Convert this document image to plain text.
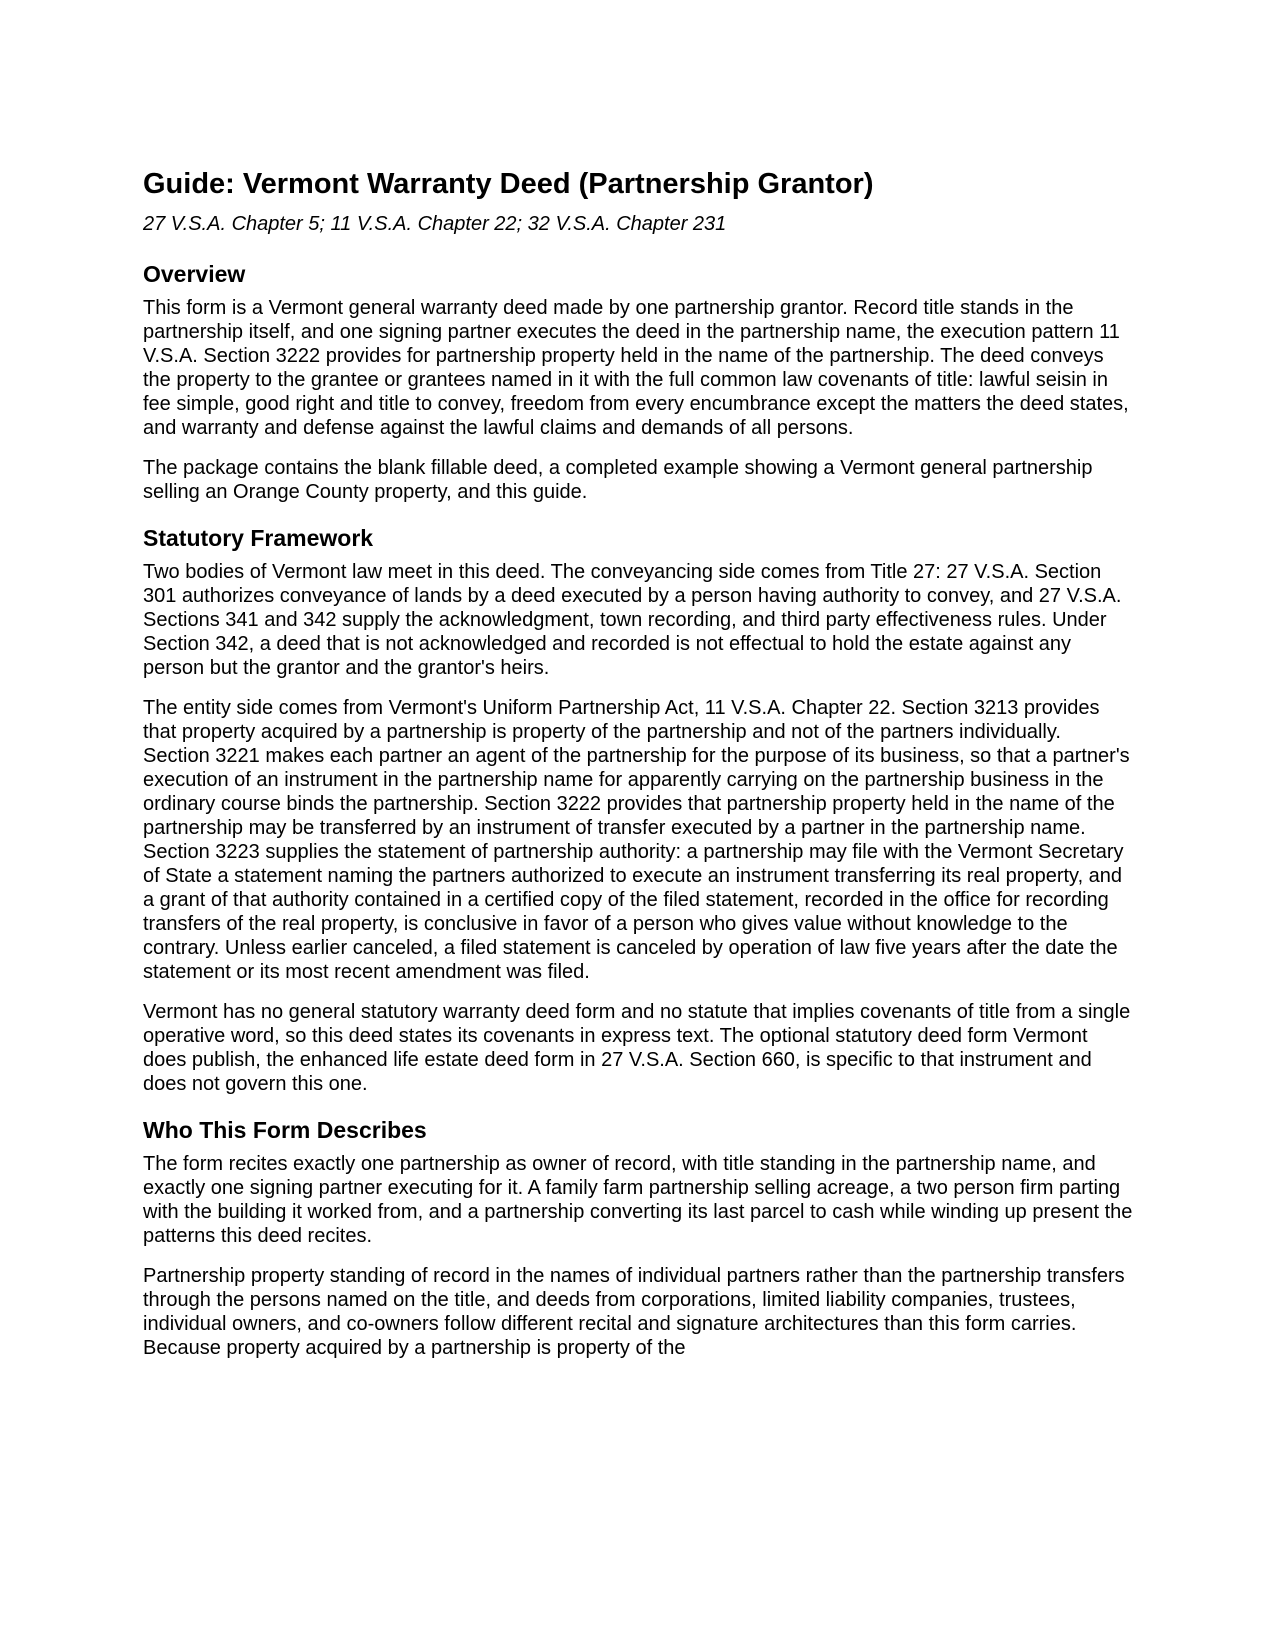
Guide: Vermont Warranty Deed (Partnership Grantor)

27 V.S.A. Chapter 5; 11 V.S.A. Chapter 22; 32 V.S.A. Chapter 231

Overview

This form is a Vermont general warranty deed made by one partnership grantor. Record title stands in the partnership itself, and one signing partner executes the deed in the partnership name, the execution pattern 11 V.S.A. Section 3222 provides for partnership property held in the name of the partnership. The deed conveys the property to the grantee or grantees named in it with the full common law covenants of title: lawful seisin in fee simple, good right and title to convey, freedom from every encumbrance except the matters the deed states, and warranty and defense against the lawful claims and demands of all persons.

The package contains the blank fillable deed, a completed example showing a Vermont general partnership selling an Orange County property, and this guide.

Statutory Framework

Two bodies of Vermont law meet in this deed. The conveyancing side comes from Title 27: 27 V.S.A. Section 301 authorizes conveyance of lands by a deed executed by a person having authority to convey, and 27 V.S.A. Sections 341 and 342 supply the acknowledgment, town recording, and third party effectiveness rules. Under Section 342, a deed that is not acknowledged and recorded is not effectual to hold the estate against any person but the grantor and the grantor's heirs.

The entity side comes from Vermont's Uniform Partnership Act, 11 V.S.A. Chapter 22. Section 3213 provides that property acquired by a partnership is property of the partnership and not of the partners individually. Section 3221 makes each partner an agent of the partnership for the purpose of its business, so that a partner's execution of an instrument in the partnership name for apparently carrying on the partnership business in the ordinary course binds the partnership. Section 3222 provides that partnership property held in the name of the partnership may be transferred by an instrument of transfer executed by a partner in the partnership name. Section 3223 supplies the statement of partnership authority: a partnership may file with the Vermont Secretary of State a statement naming the partners authorized to execute an instrument transferring its real property, and a grant of that authority contained in a certified copy of the filed statement, recorded in the office for recording transfers of the real property, is conclusive in favor of a person who gives value without knowledge to the contrary. Unless earlier canceled, a filed statement is canceled by operation of law five years after the date the statement or its most recent amendment was filed.

Vermont has no general statutory warranty deed form and no statute that implies covenants of title from a single operative word, so this deed states its covenants in express text. The optional statutory deed form Vermont does publish, the enhanced life estate deed form in 27 V.S.A. Section 660, is specific to that instrument and does not govern this one.

Who This Form Describes

The form recites exactly one partnership as owner of record, with title standing in the partnership name, and exactly one signing partner executing for it. A family farm partnership selling acreage, a two person firm parting with the building it worked from, and a partnership converting its last parcel to cash while winding up present the patterns this deed recites.

Partnership property standing of record in the names of individual partners rather than the partnership transfers through the persons named on the title, and deeds from corporations, limited liability companies, trustees, individual owners, and co-owners follow different recital and signature architectures than this form carries. Because property acquired by a partnership is property of the
